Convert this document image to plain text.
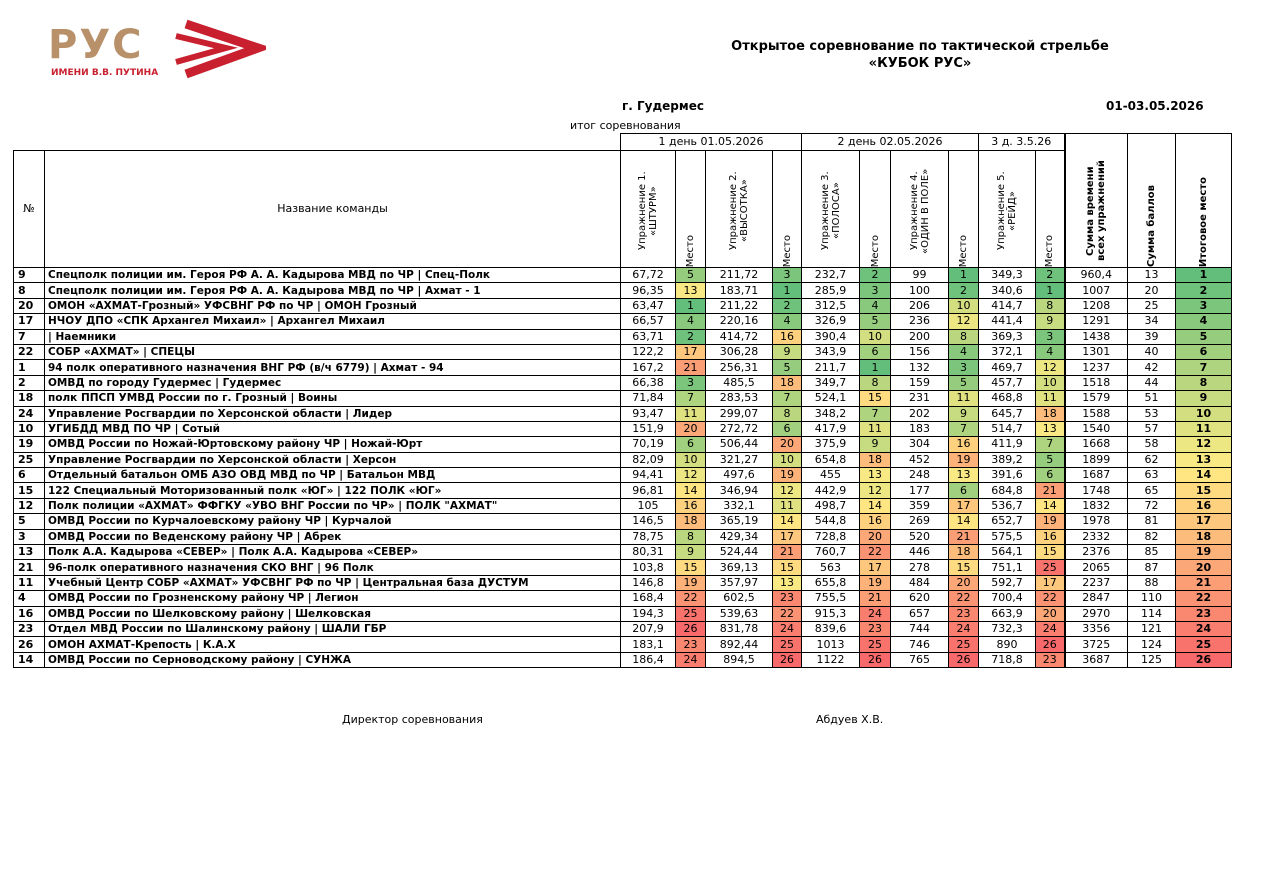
РУС
ИМЕНИ В.В. ПУТИНА
Открытое соревнование по тактической стрельбе
«КУБОК РУС»
г. Гудермес	01-03.05.2026
итог соревнования
		1 день 01.05.2026				2 день 02.05.2026				3 д. 3.5.26		Сумма времени всех упражнений	Сумма баллов	Итоговое место

№	Название команды	Упражнение 1. «ШТУРМ»	Место	Упражнение 2. «ВЫСОТКА»	Место	Упражнение 3. «ПОЛОСА»	Место	Упражнение 4. «ОДИН В ПОЛЕ»	Место	Упражнение 5. «РЕЙД»	Место			

9	Спецполк полиции им. Героя РФ А. А. Кадырова МВД по ЧР | Спец-Полк	67,72	5	211,72	3	232,7	2	99	1	349,3	2	960,4	13	1
8	Спецполк полиции им. Героя РФ А. А. Кадырова МВД по ЧР | Ахмат - 1	96,35	13	183,71	1	285,9	3	100	2	340,6	1	1007	20	2
20	ОМОН «АХМАТ-Грозный» УФСВНГ РФ по ЧР | ОМОН Грозный	63,47	1	211,22	2	312,5	4	206	10	414,7	8	1208	25	3
17	НЧОУ ДПО «СПК Архангел Михаил» | Архангел Михаил	66,57	4	220,16	4	326,9	5	236	12	441,4	9	1291	34	4
7	| Наемники	63,71	2	414,72	16	390,4	10	200	8	369,3	3	1438	39	5
22	СОБР «АХМАТ» | СПЕЦЫ	122,2	17	306,28	9	343,9	6	156	4	372,1	4	1301	40	6
1	94 полк оперативного назначения ВНГ РФ (в/ч 6779) | Ахмат - 94	167,2	21	256,31	5	211,7	1	132	3	469,7	12	1237	42	7
2	ОМВД по городу Гудермес | Гудермес	66,38	3	485,5	18	349,7	8	159	5	457,7	10	1518	44	8
18	полк ППСП УМВД России по г. Грозный | Воины	71,84	7	283,53	7	524,1	15	231	11	468,8	11	1579	51	9
24	Управление Росгвардии по Херсонской области | Лидер	93,47	11	299,07	8	348,2	7	202	9	645,7	18	1588	53	10
10	УГИБДД МВД ПО ЧР | Сотый	151,9	20	272,72	6	417,9	11	183	7	514,7	13	1540	57	11
19	ОМВД России по Ножай-Юртовскому району ЧР | Ножай-Юрт	70,19	6	506,44	20	375,9	9	304	16	411,9	7	1668	58	12
25	Управление Росгвардии по Херсонской области | Херсон	82,09	10	321,27	10	654,8	18	452	19	389,2	5	1899	62	13
6	Отдельный батальон ОМБ АЗО ОВД МВД по ЧР | Батальон МВД	94,41	12	497,6	19	455	13	248	13	391,6	6	1687	63	14
15	122 Специальный Моторизованный полк «ЮГ» | 122 ПОЛК «ЮГ»	96,81	14	346,94	12	442,9	12	177	6	684,8	21	1748	65	15
12	Полк полиции «АХМАТ» ФФГКУ «УВО ВНГ России по ЧР» | ПОЛК "АХМАТ"	105	16	332,1	11	498,7	14	359	17	536,7	14	1832	72	16
5	ОМВД России по Курчалоевскому району ЧР | Курчалой	146,5	18	365,19	14	544,8	16	269	14	652,7	19	1978	81	17
3	ОМВД России по Веденскому району ЧР | Абрек	78,75	8	429,34	17	728,8	20	520	21	575,5	16	2332	82	18
13	Полк А.А. Кадырова «СЕВЕР» | Полк А.А. Кадырова «СЕВЕР»	80,31	9	524,44	21	760,7	22	446	18	564,1	15	2376	85	19
21	96-полк оперативного назначения СКО ВНГ | 96 Полк	103,8	15	369,13	15	563	17	278	15	751,1	25	2065	87	20
11	Учебный Центр СОБР «АХМАТ» УФСВНГ РФ по ЧР | Центральная база ДУСТУМ	146,8	19	357,97	13	655,8	19	484	20	592,7	17	2237	88	21
4	ОМВД России по Грозненскому району ЧР | Легион	168,4	22	602,5	23	755,5	21	620	22	700,4	22	2847	110	22
16	ОМВД России по Шелковскому району | Шелковская	194,3	25	539,63	22	915,3	24	657	23	663,9	20	2970	114	23
23	Отдел МВД России по Шалинскому району | ШАЛИ ГБР	207,9	26	831,78	24	839,6	23	744	24	732,3	24	3356	121	24
26	ОМОН АХМАТ-Крепость | К.А.Х	183,1	23	892,44	25	1013	25	746	25	890	26	3725	124	25
14	ОМВД России по Серноводскому району | СУНЖА	186,4	24	894,5	26	1122	26	765	26	718,8	23	3687	125	26
Директор соревнования	Абдуев Х.В.
